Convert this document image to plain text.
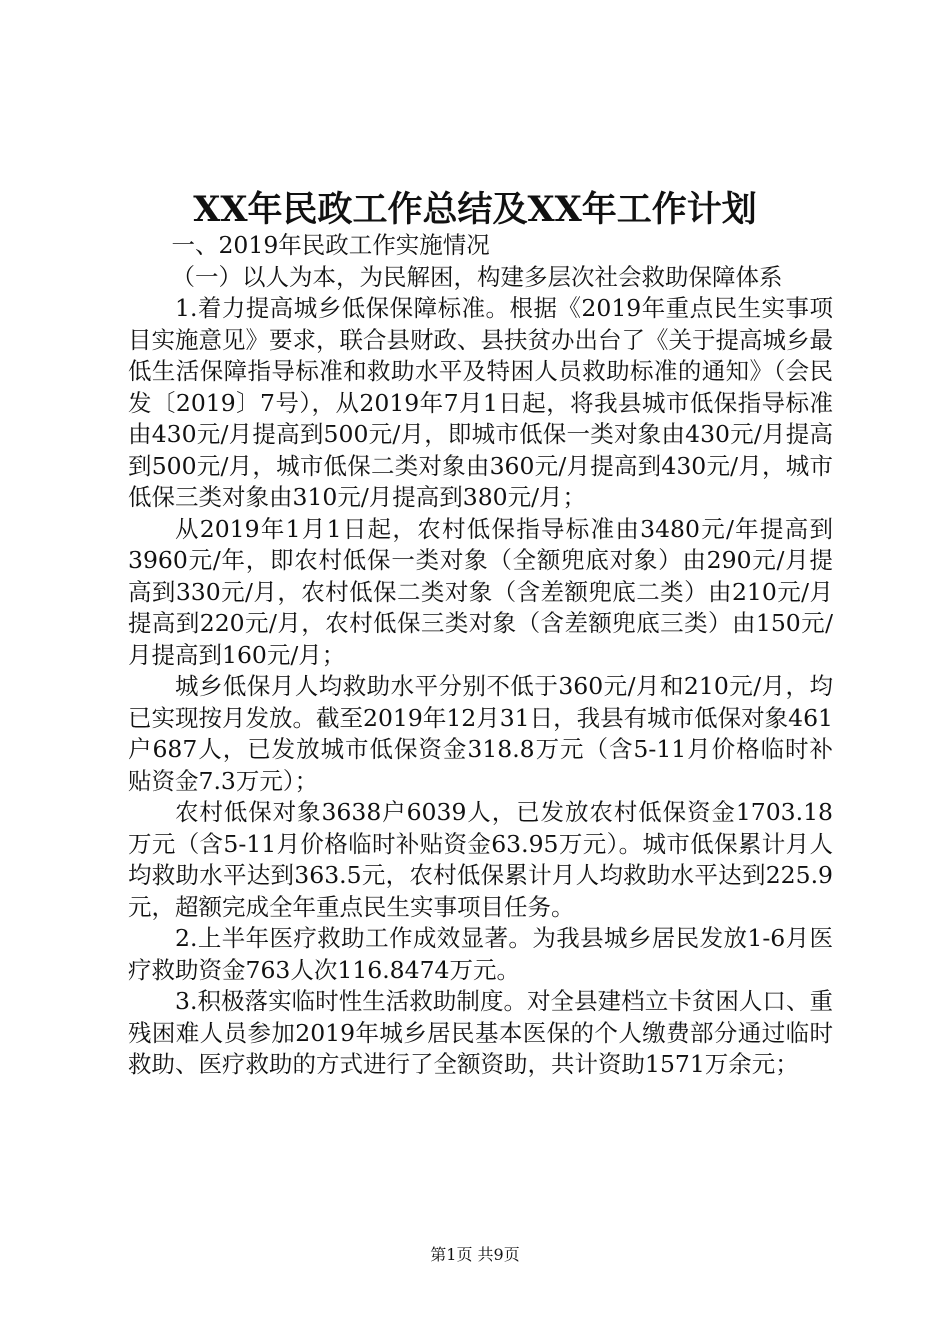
XX年民政工作总结及XX年工作计划

一、2019年民政工作实施情况

（一）以人为本，为民解困，构建多层次社会救助保障体系

1.着力提高城乡低保保障标准。根据《2019年重点民生实事项目实施意见》要求，联合县财政、县扶贫办出台了《关于提高城乡最低生活保障指导标准和救助水平及特困人员救助标准的通知》（会民发〔2019〕7号），从2019年7月1日起，将我县城市低保指导标准由430元/月提高到500元/月，即城市低保一类对象由430元/月提高到500元/月，城市低保二类对象由360元/月提高到430元/月，城市低保三类对象由310元/月提高到380元/月；

从2019年1月1日起，农村低保指导标准由3480元/年提高到3960元/年，即农村低保一类对象（全额兜底对象）由290元/月提高到330元/月，农村低保二类对象（含差额兜底二类）由210元/月提高到220元/月，农村低保三类对象（含差额兜底三类）由150元/月提高到160元/月；

城乡低保月人均救助水平分别不低于360元/月和210元/月，均已实现按月发放。截至2019年12月31日，我县有城市低保对象461户687人，已发放城市低保资金318.8万元（含5-11月价格临时补贴资金7.3万元）；

农村低保对象3638户6039人，已发放农村低保资金1703.18万元（含5-11月价格临时补贴资金63.95万元）。城市低保累计月人均救助水平达到363.5元，农村低保累计月人均救助水平达到225.9元，超额完成全年重点民生实事项目任务。

2.上半年医疗救助工作成效显著。为我县城乡居民发放1-6月医疗救助资金763人次116.8474万元。

3.积极落实临时性生活救助制度。对全县建档立卡贫困人口、重残困难人员参加2019年城乡居民基本医保的个人缴费部分通过临时救助、医疗救助的方式进行了全额资助，共计资助1571万余元；

第1页 共9页
